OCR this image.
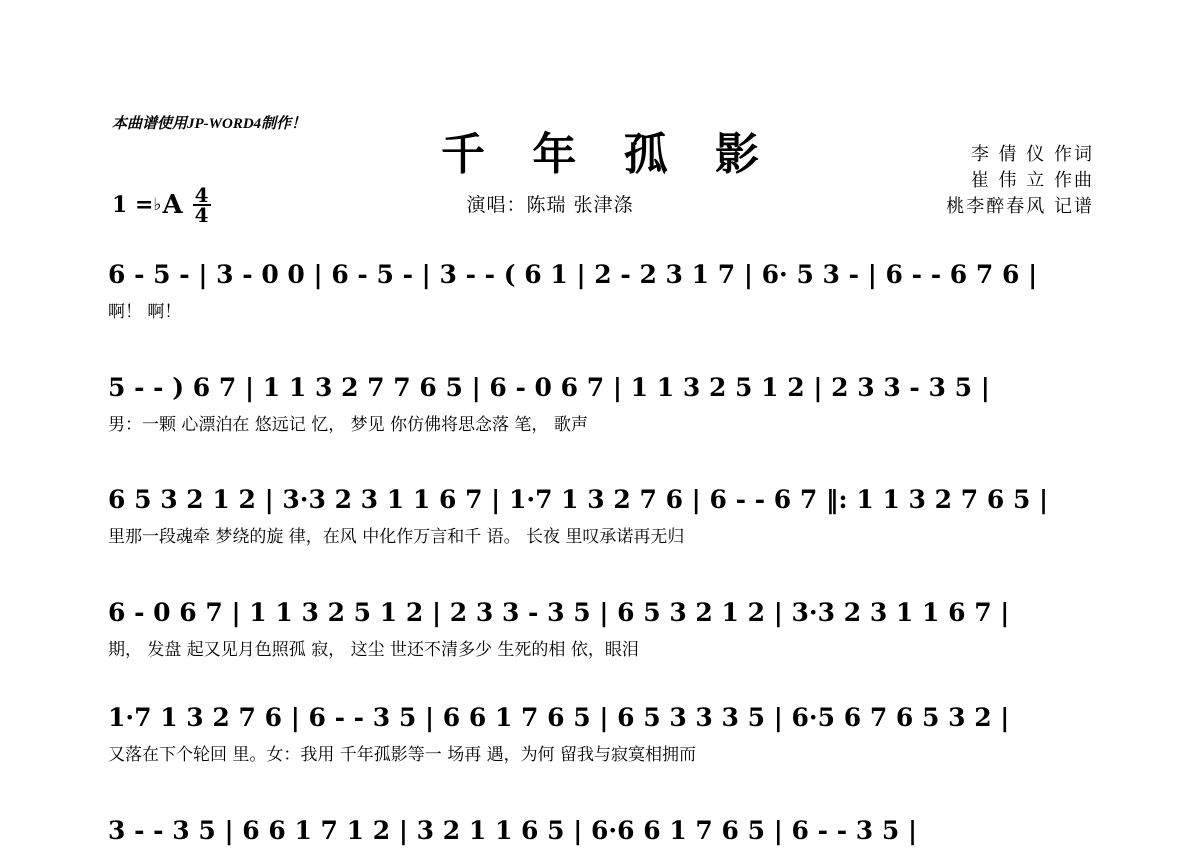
本曲谱使用JP-WORD4制作！
千 年 孤 影
演唱：陈瑞 张津涤
李 倩 仪 作词
崔 伟 立 作曲
桃李醉春风 记谱
1 = ♭ A $\frac{4}{4}$
6 - 5 - | 3 - 0 0 | 6 - 5 - | 3 - - ( 6 1 | 2 - 2 3 1 7 | 6· 5 3 - | 6 - - 6 7 6 |
啊！ 啊！
5 - - ) 6 7 | 1 1 3 2 7 7 6 5 | 6 - 0 6 7 | 1 1 3 2 5 1 2 | 2 3 3 - 3 5 |
男：一颗 心漂泊在 悠远记 忆， 梦见 你仿佛将思念落 笔， 歌声
6 5 3 2 1 2 | 3·3 2 3 1 1 6 7 | 1·7 1 3 2 7 6 | 6 - - 6 7 ‖: 1 1 3 2 7 6 5 |
里那一段魂牵 梦绕的旋 律，在风 中化作万言和千 语。 长夜 里叹承诺再无归
6 - 0 6 7 | 1 1 3 2 5 1 2 | 2 3 3 - 3 5 | 6 5 3 2 1 2 | 3·3 2 3 1 1 6 7 |
期， 发盘 起又见月色照孤 寂， 这尘 世还不清多少 生死的相 依，眼泪
1·7 1 3 2 7 6 | 6 - - 3 5 | 6 6 1 7 6 5 | 6 5 3 3 3 5 | 6·5 6 7 6 5 3 2 |
又落在下个轮回 里。女：我用 千年孤影等一 场再 遇，为何 留我与寂寞相拥而
3 - - 3 5 | 6 6 1 7 1 2 | 3 2 1 1 6 5 | 6·6 6 1 7 6 5 | 6 - - 3 5 |
